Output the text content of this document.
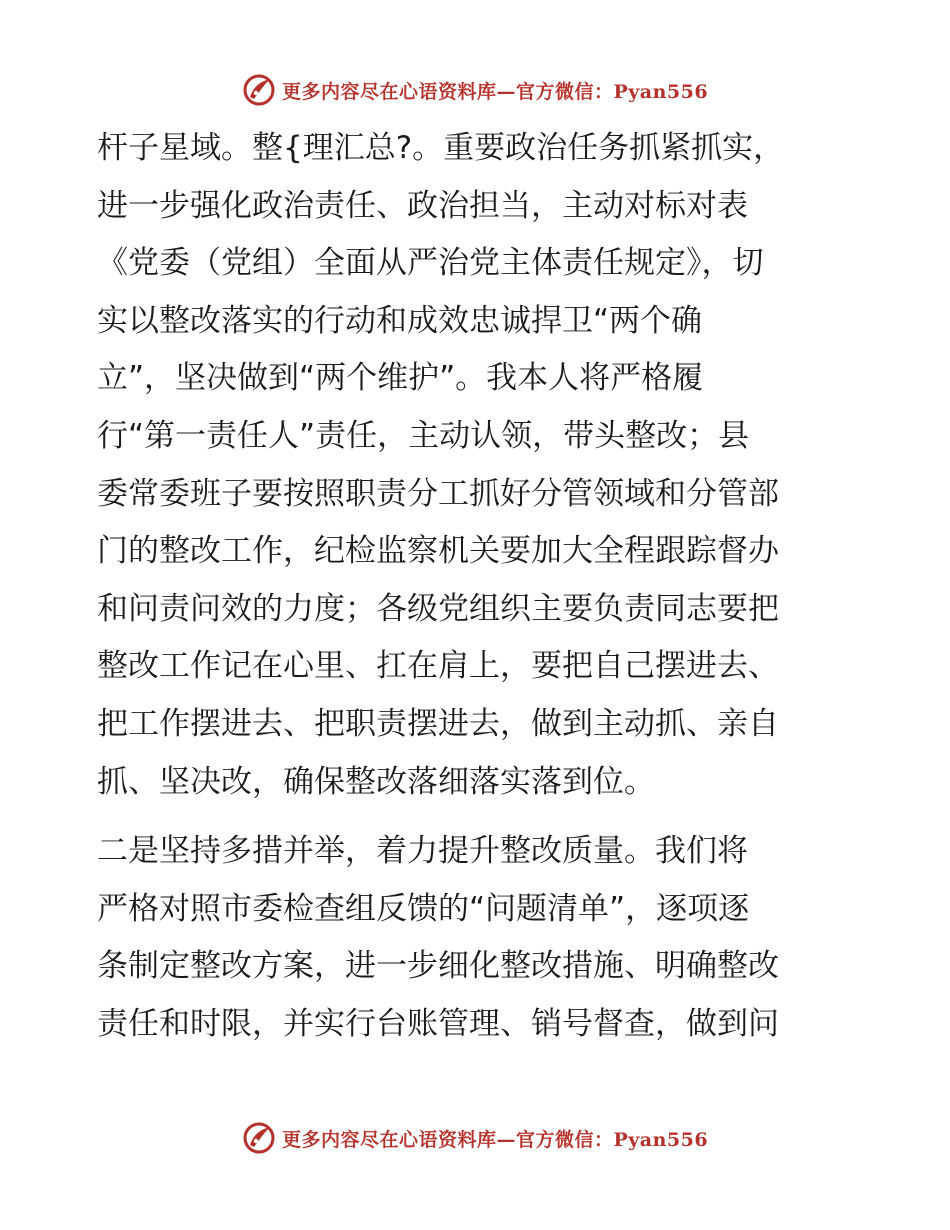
更多内容尽在心语资料库—官方微信：Pyan556
杆子星域。整{理汇总?。重要政治任务抓紧抓实，
进一步强化政治责任、政治担当，主动对标对表
《党委（党组）全面从严治党主体责任规定》，切
实以整改落实的行动和成效忠诚捍卫“两个确
立”，坚决做到“两个维护”。我本人将严格履
行“第一责任人”责任，主动认领，带头整改；县
委常委班子要按照职责分工抓好分管领域和分管部
门的整改工作，纪检监察机关要加大全程跟踪督办
和问责问效的力度；各级党组织主要负责同志要把
整改工作记在心里、扛在肩上，要把自己摆进去、
把工作摆进去、把职责摆进去，做到主动抓、亲自
抓、坚决改，确保整改落细落实落到位。
二是坚持多措并举，着力提升整改质量。我们将
严格对照市委检查组反馈的“问题清单”，逐项逐
条制定整改方案，进一步细化整改措施、明确整改
责任和时限，并实行台账管理、销号督查，做到问
更多内容尽在心语资料库—官方微信：Pyan556
